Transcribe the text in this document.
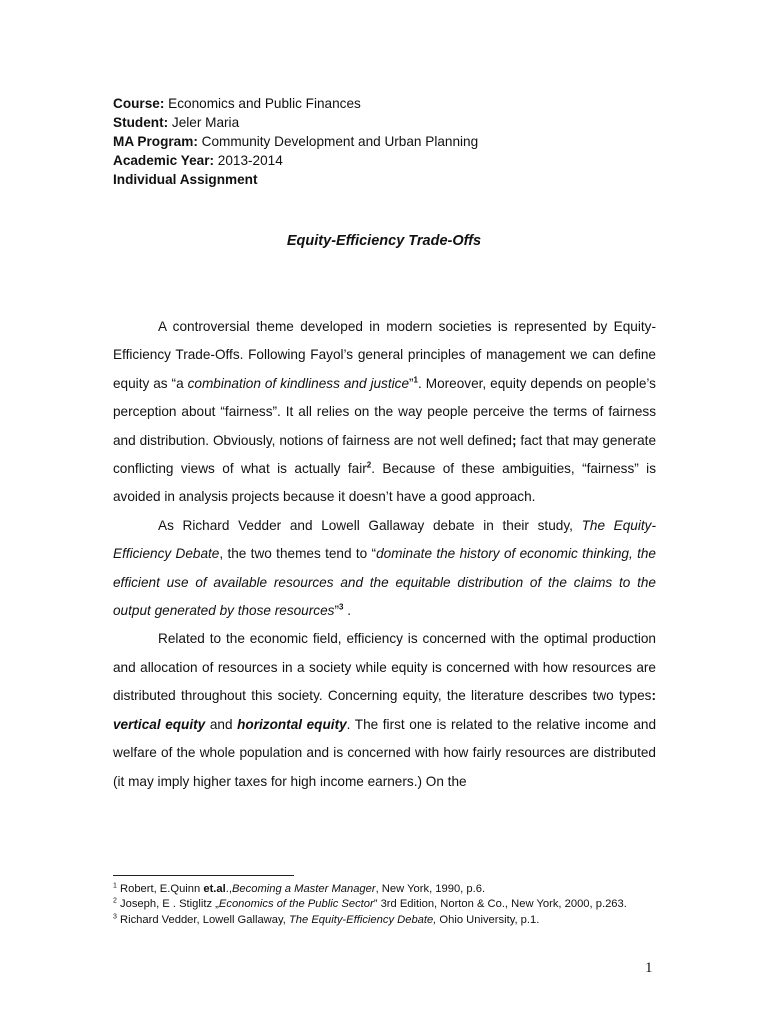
Course: Economics and Public Finances
Student: Jeler Maria
MA Program: Community Development and Urban Planning
Academic Year: 2013-2014
Individual Assignment
Equity-Efficiency Trade-Offs

A controversial theme developed in modern societies is represented by Equity-Efficiency Trade-Offs. Following Fayol’s general principles of management we can define equity as “a combination of kindliness and justice”$^1$. Moreover, equity depends on people’s perception about “fairness”. It all relies on the way people perceive the terms of fairness and distribution. Obviously, notions of fairness are not well defined; fact that may generate conflicting views of what is actually fair$^2$. Because of these ambiguities, “fairness” is avoided in analysis projects because it doesn’t have a good approach.

As Richard Vedder and Lowell Gallaway debate in their study, The Equity-Efficiency Debate, the two themes tend to “dominate the history of economic thinking, the efficient use of available resources and the equitable distribution of the claims to the output generated by those resources”$^3$ .

Related to the economic field, efficiency is concerned with the optimal production and allocation of resources in a society while equity is concerned with how resources are distributed throughout this society. Concerning equity, the literature describes two types: vertical equity and horizontal equity. The first one is related to the relative income and welfare of the whole population and is concerned with how fairly resources are distributed (it may imply higher taxes for high income earners.) On the

$^1$ Robert, E.Quinn et.al.,Becoming a Master Manager, New York, 1990, p.6.
$^2$ Joseph, E . Stiglitz „Economics of the Public Sector” 3rd Edition, Norton & Co., New York, 2000, p.263.
$^3$ Richard Vedder, Lowell Gallaway, The Equity-Efficiency Debate, Ohio University, p.1.
1
